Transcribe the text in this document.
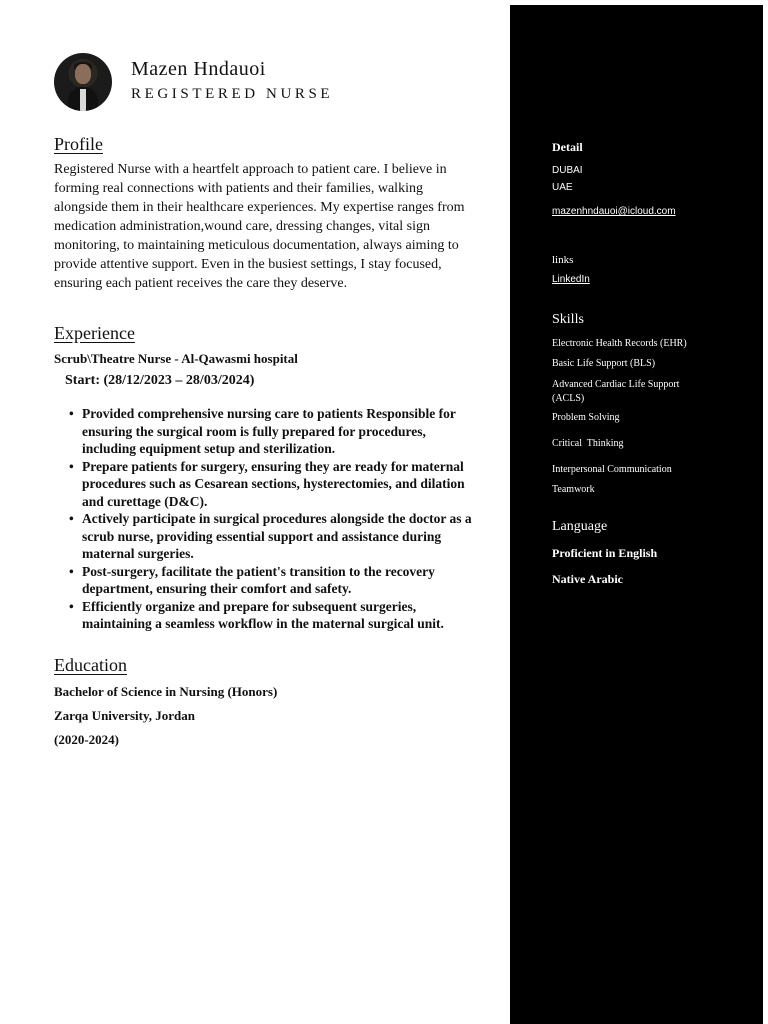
Mazen Hndauoi
REGISTERED NURSE
Profile
Registered Nurse with a heartfelt approach to patient care. I believe in forming real connections with patients and their families, walking alongside them in their healthcare experiences. My expertise ranges from medication administration,wound care, dressing changes, vital sign monitoring, to maintaining meticulous documentation, always aiming to provide attentive support. Even in the busiest settings, I stay focused, ensuring each patient receives the care they deserve.
Experience
Scrub\Theatre Nurse - Al-Qawasmi hospital
Start: (28/12/2023 – 28/03/2024)
• Provided comprehensive nursing care to patients Responsible for ensuring the surgical room is fully prepared for procedures, including equipment setup and sterilization.
• Prepare patients for surgery, ensuring they are ready for maternal procedures such as Cesarean sections, hysterectomies, and dilation and curettage (D&C).
• Actively participate in surgical procedures alongside the doctor as a scrub nurse, providing essential support and assistance during maternal surgeries.
• Post-surgery, facilitate the patient's transition to the recovery department, ensuring their comfort and safety.
• Efficiently organize and prepare for subsequent surgeries, maintaining a seamless workflow in the maternal surgical unit.
Education
Bachelor of Science in Nursing (Honors)
Zarqa University, Jordan
(2020-2024)
Detail
DUBAI
UAE
mazenhndauoi@icloud.com
links
LinkedIn
Skills
Electronic Health Records (EHR)
Basic Life Support (BLS)
Advanced Cardiac Life Support (ACLS)
Problem Solving
Critical  Thinking
Interpersonal Communication
Teamwork
Language
Proficient in English
Native Arabic
